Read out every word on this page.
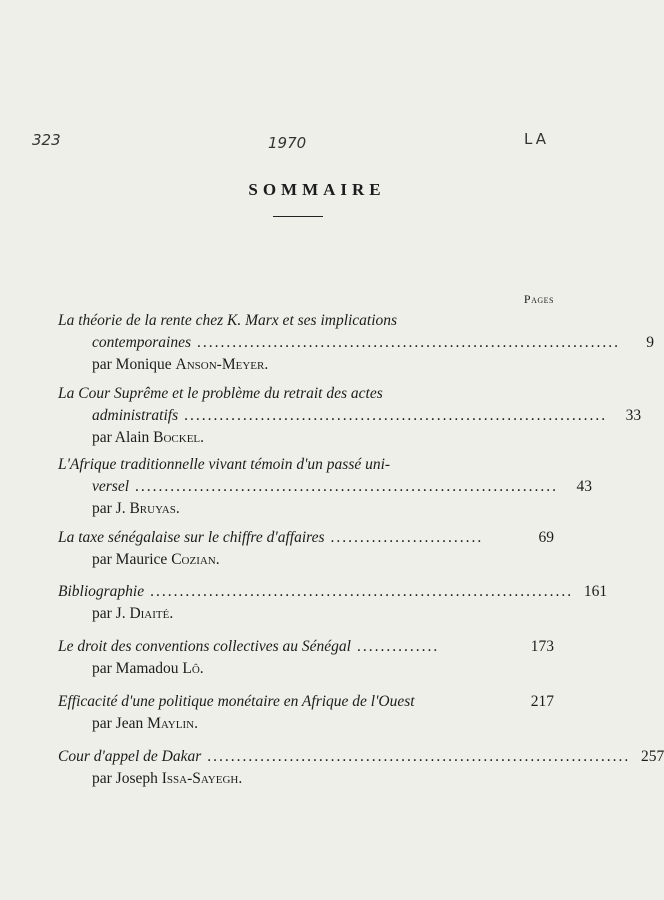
323	1970	LA
SOMMAIRE
Pages
La théorie de la rente chez K. Marx et ses implications
contemporaines ........................................................................	9
par Monique Anson-Meyer.
La Cour Suprême et le problème du retrait des actes
administratifs ........................................................................	33
par Alain Bockel.
L'Afrique traditionnelle vivant témoin d'un passé uni-
versel ........................................................................	43
par J. Bruyas.
La taxe sénégalaise sur le chiffre d'affaires ..........................	69
par Maurice Cozian.
Bibliographie ........................................................................ 161
par J. Diaité.
Le droit des conventions collectives au Sénégal ..............	173
par Mamadou Lô.
Efficacité d'une politique monétaire en Afrique de l'Ouest	217
par Jean Maylin.
Cour d'appel de Dakar ........................................................................ 257
par Joseph Issa-Sayegh.
